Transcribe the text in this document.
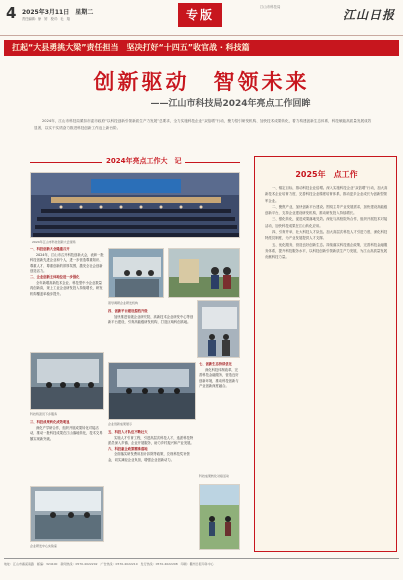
4 2025年3月11日　星期二
责任编辑：徐　婷　校对：毛　翔	专版
江山市科技局
江山日报
扛起“大县勇挑大梁”责任担当　坚决打好“十四五”收官战 · 科技篇
创新驱动　智领未来
——江山市科技局2024年亮点工作回眸
2024年，江山市科技局紧扣市委市政府“以科技创新引领新质生产力发展”总要求，全力实施科技企业“双倍增”行动，聚力招引研发机构、加快技术成果转化，着力构建创新生态体系，科技赋能高质量发展成效显著，以实干实绩奋力推进科技创新工作迈上新台阶。
2024年亮点工作大　记
2024年江山市科技创新大会现场

一、科技创新大会隆重召开

2024年，江山市召开科技创新大会，表彰一批科技创新先进企业和个人，进一步营造尊重知识、尊重人才、尊重创新的浓厚氛围，激发全社会创新创造活力。

二、企业创新主体地位进一步强化

全年新增高新技术企业、科技型中小企业数量再创新高，规上工业企业研发投入持续增长，研发机构覆盖率稳步提升。

领导调研企业研发机构

四、创新平台建设提档升级

加快推进省级企业研究院、高新技术企业研发中心等创新平台建设，引育高能级研发机构，打造区域科创高地。

科技特派员下乡服务
企业创新成果展示

七、创新生态持续优化

深化科技体制改革，完善科技金融服务，营造良好创新环境，推动科技创新与产业创新深度融合。

三、科技成果转化成效明显

深化产学研合作，组织开展成果转化对接活动，推动一批科技成果在江山落地转化，技术交易额实现新突破。

企业研发中心实验室

五、科技人才队伍不断壮大

实施人才引育工程，引进高层次科技人才，选派科技特派员深入乡镇、企业开展服务，助力乡村振兴和产业发展。

六、科技惠企政策精准落地

全面落实研发费用加计扣除等政策，兑现科技奖补资金，切实减轻企业负担，增强企业创新动力。

科技成果转化对接活动
2025年　点工作

一、锚定目标，推动科技企业倍增。深入实施科技企业“双倍增”行动，加大高新技术企业培育力度，完善科技企业梯度培育体系，推动更多企业成长为创新型领军企业。

二、聚焦产业，加快创新平台建设。围绕主导产业发展需求，加快建设高能级创新平台，支持企业建设研发机构，推动研发投入持续增长。

三、强化转化，促进成果落地见效。深化与高校院所合作，组织开展技术对接活动，加快科技成果在江山转化应用。

四、引育并举，壮大科技人才队伍。加大高层次科技人才引进力度，深化科技特派员制度，为产业发展提供人才支撑。

五、优化服务，营造良好创新生态。持续落实科技惠企政策，完善科技金融服务体系，提升科技服务水平，以科技创新引领新质生产力发展，为江山高质量发展贡献科技力量。

地址：江山市鹿溪南路　邮编：324100　新闻热线：0570-4022202　广告热线：0570-4022210　发行热线：0570-4022208　印刷：衢州日报印务中心
